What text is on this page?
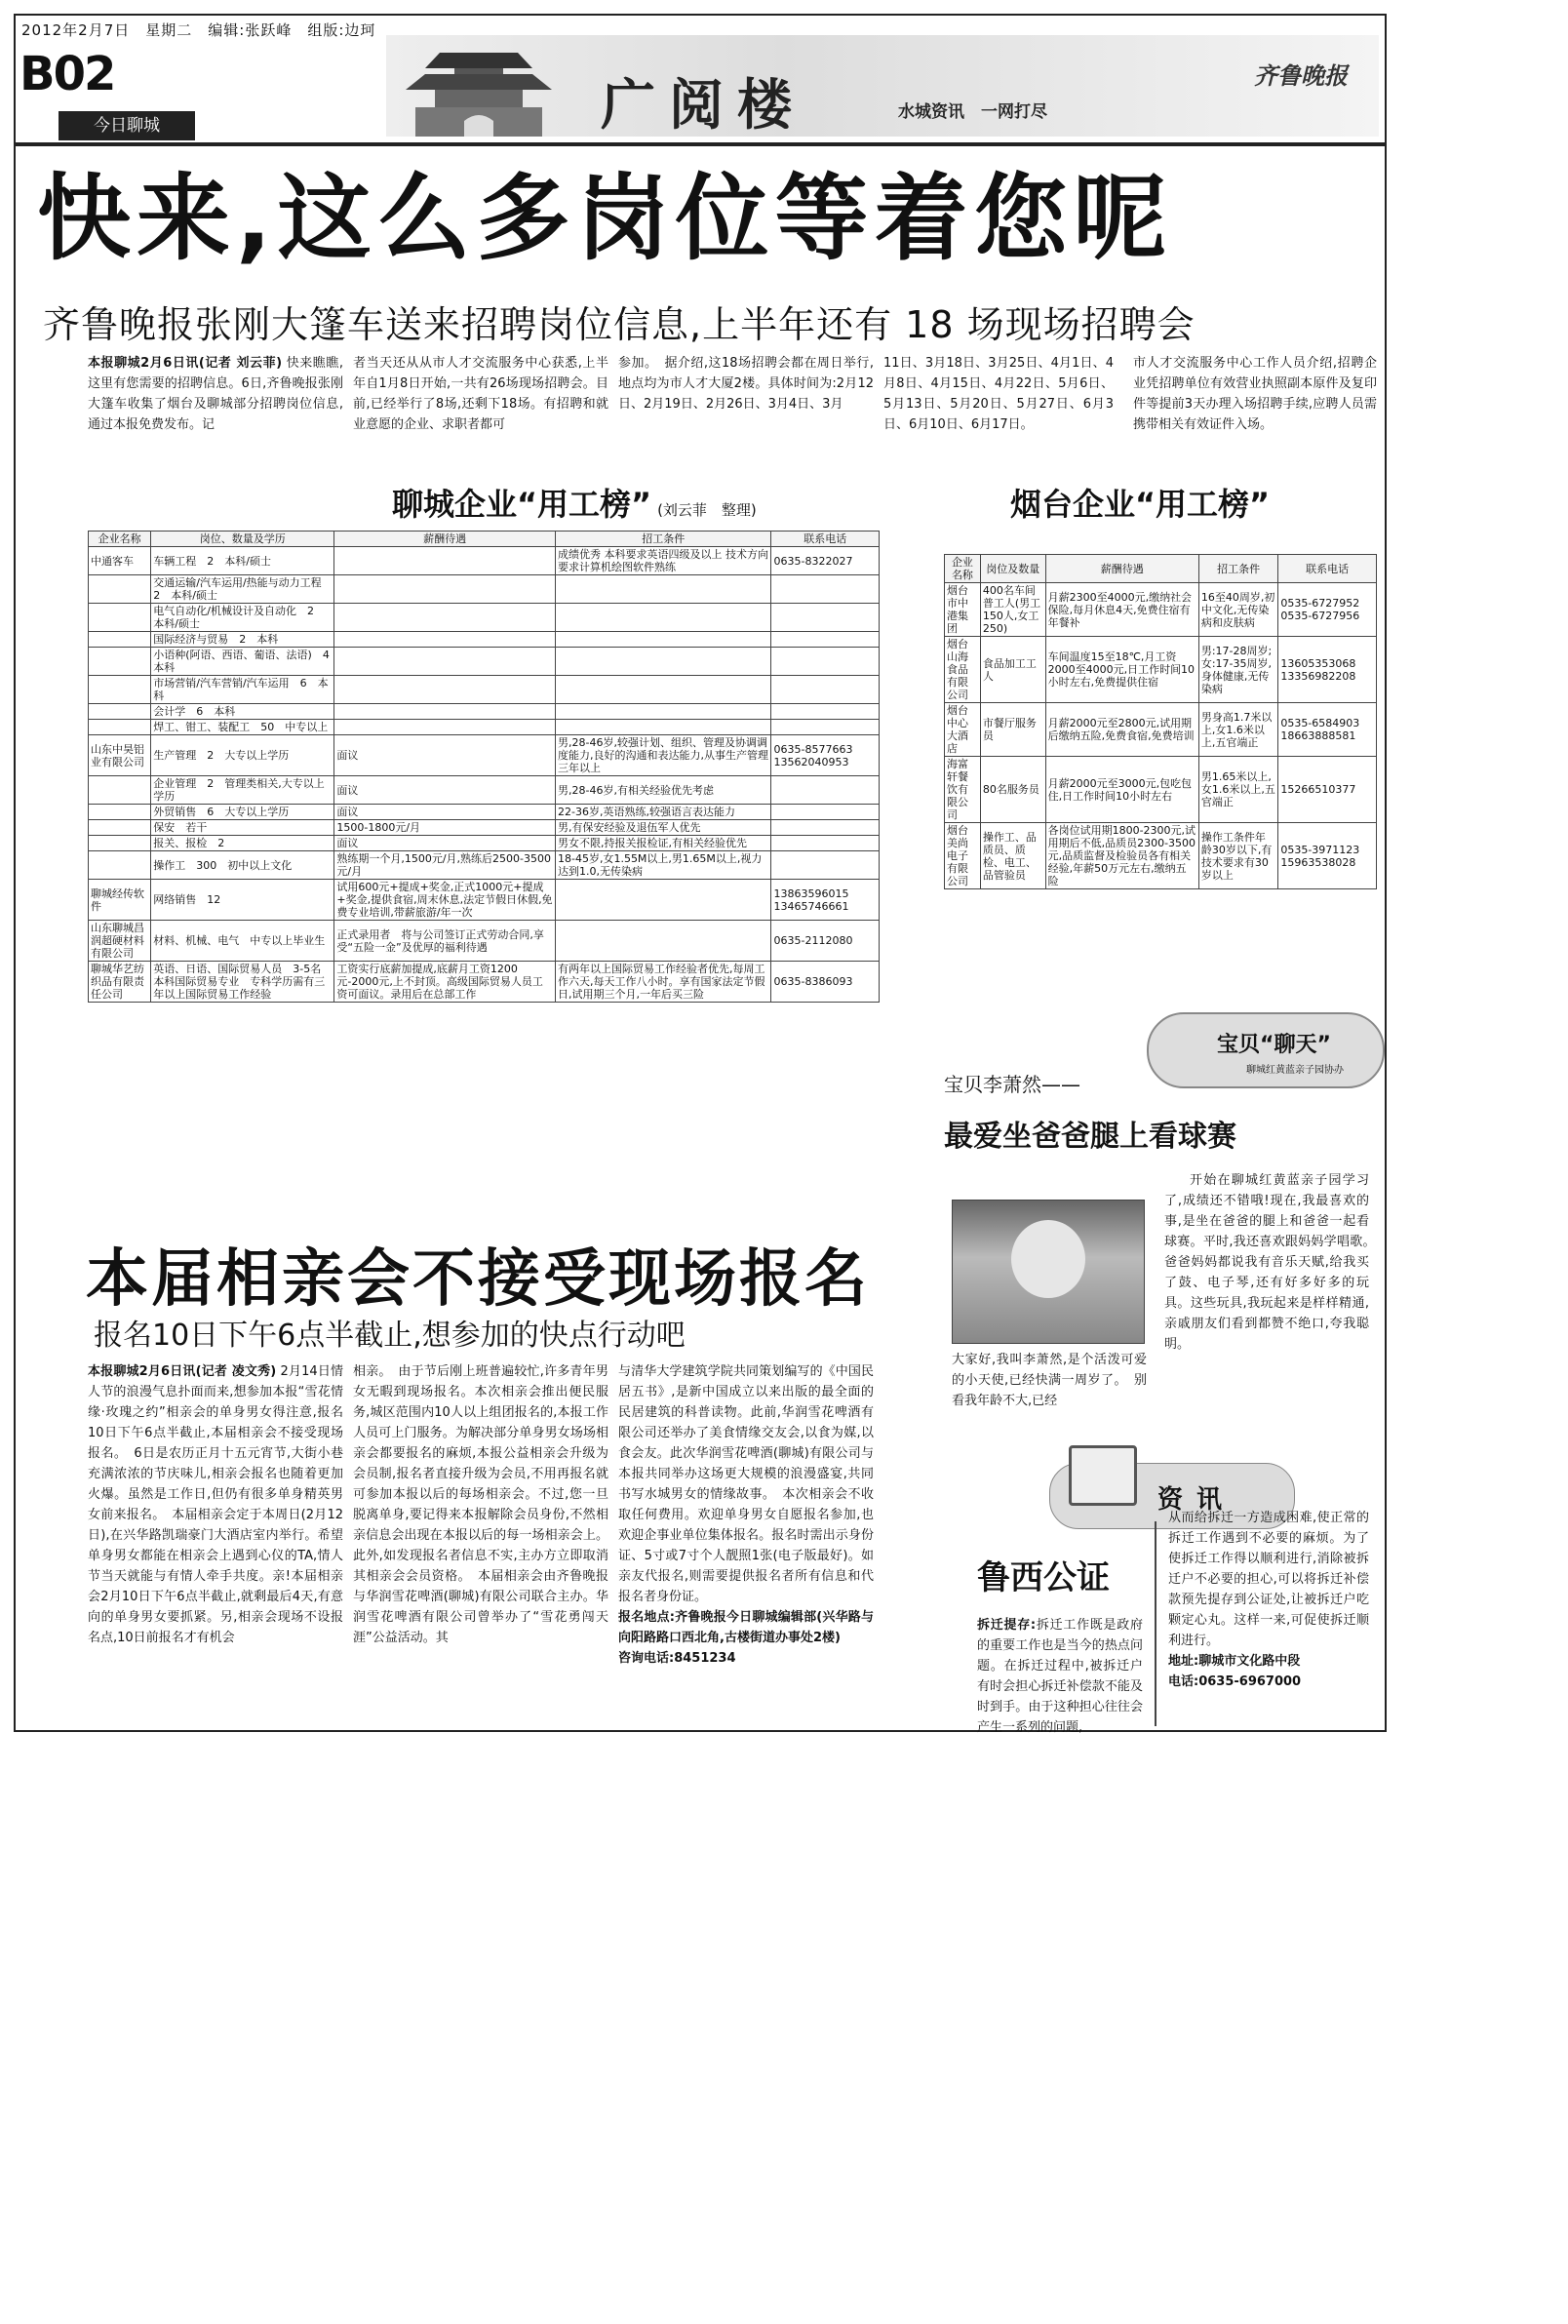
2012年2月7日　星期二　编辑:张跃峰　组版:边珂
B02
今日聊城	广阅楼	水城资讯　一网打尽
齐鲁晚报
快来,这么多岗位等着您呢
齐鲁晚报张刚大篷车送来招聘岗位信息,上半年还有 18 场现场招聘会
本报聊城2月6日讯(记者 刘云菲) 快来瞧瞧,这里有您需要的招聘信息。6日,齐鲁晚报张刚大篷车收集了烟台及聊城部分招聘岗位信息,通过本报免费发布。记
者当天还从从市人才交流服务中心获悉,上半年自1月8日开始,一共有26场现场招聘会。目前,已经举行了8场,还剩下18场。有招聘和就业意愿的企业、求职者都可
参加。　据介绍,这18场招聘会都在周日举行,地点均为市人才大厦2楼。具体时间为:2月12日、2月19日、2月26日、3月4日、3月
11日、3月18日、3月25日、4月1日、4月8日、4月15日、4月22日、5月6日、5月13日、5月20日、5月27日、6月3日、6月10日、6月17日。
市人才交流服务中心工作人员介绍,招聘企业凭招聘单位有效营业执照副本原件及复印件等提前3天办理入场招聘手续,应聘人员需携带相关有效证件入场。
聊城企业“用工榜” (刘云菲　整理)
企业名称	岗位、数量及学历	薪酬待遇	招工条件	联系电话
中通客车	车辆工程　2　本科/硕士		成绩优秀 本科要求英语四级及以上 技术方向要求计算机绘图软件熟练	0635-8322027
	交通运输/汽车运用/热能与动力工程　2　本科/硕士			
	电气自动化/机械设计及自动化　2　本科/硕士			
	国际经济与贸易　2　本科			
	小语种(阿语、西语、葡语、法语)　4　本科			
	市场营销/汽车营销/汽车运用　6　本科			
	会计学　6　本科			
	焊工、钳工、装配工　50　中专以上			
山东中昊铝业有限公司	生产管理　2　大专以上学历	面议	男,28-46岁,较强计划、组织、管理及协调调度能力,良好的沟通和表达能力,从事生产管理三年以上	0635-8577663 13562040953
	企业管理　2　管理类相关,大专以上学历	面议	男,28-46岁,有相关经验优先考虑	
	外贸销售　6　大专以上学历	面议	22-36岁,英语熟练,较强语言表达能力	
	保安　若干	1500-1800元/月	男,有保安经验及退伍军人优先	
	报关、报检　2	面议	男女不限,持报关报检证,有相关经验优先	
	操作工　300　初中以上文化	熟练期一个月,1500元/月,熟练后2500-3500元/月	18-45岁,女1.55M以上,男1.65M以上,视力达到1.0,无传染病	
聊城经传软件	网络销售　12	试用600元+提成+奖金,正式1000元+提成+奖金,提供食宿,周末休息,法定节假日休假,免费专业培训,带薪旅游/年一次		13863596015 13465746661
山东聊城昌润超硬材料有限公司	材料、机械、电气　中专以上毕业生	正式录用者　将与公司签订正式劳动合同,享受“五险一金”及优厚的福利待遇		0635-2112080
聊城华艺纺织品有限责任公司	英语、日语、国际贸易人员　3-5名　本科国际贸易专业　专科学历需有三年以上国际贸易工作经验	工资实行底薪加提成,底薪月工资1200元-2000元,上不封顶。高级国际贸易人员工资可面议。录用后在总部工作	有两年以上国际贸易工作经验者优先,每周工作六天,每天工作八小时。享有国家法定节假日,试用期三个月,一年后买三险	0635-8386093
烟台企业“用工榜”
企业名称	岗位及数量	薪酬待遇	招工条件	联系电话
烟台市中港集团	400名车间普工人(男工150人,女工250)	月薪2300至4000元,缴纳社会保险,每月休息4天,免费住宿有年餐补	16至40周岁,初中文化,无传染病和皮肤病	0535-6727952 0535-6727956
烟台山海食品有限公司	食品加工工人	车间温度15至18℃,月工资2000至4000元,日工作时间10小时左右,免费提供住宿	男:17-28周岁;女:17-35周岁,身体健康,无传染病	13605353068 13356982208
烟台中心大酒店	市餐厅服务员	月薪2000元至2800元,试用期后缴纳五险,免费食宿,免费培训	男身高1.7米以上,女1.6米以上,五官端正	0535-6584903 18663888581
海富轩餐饮有限公司	80名服务员	月薪2000元至3000元,包吃包住,日工作时间10小时左右	男1.65米以上,女1.6米以上,五官端正	15266510377
烟台美尚电子有限公司	操作工、品质员、质检、电工、品管验员	各岗位试用期1800-2300元,试用期后不低,品质员2300-3500元,品质监督及检验员各有相关经验,年薪50万元左右,缴纳五险	操作工条件年龄30岁以下,有技术要求有30岁以上	0535-3971123 15963538028
宝贝“聊天”
聊城红黄蓝亲子园协办
宝贝李萧然——
最爱坐爸爸腿上看球赛
大家好,我叫李萧然,是个活泼可爱的小天使,已经快满一周岁了。　别看我年龄不大,已经
开始在聊城红黄蓝亲子园学习了,成绩还不错哦!现在,我最喜欢的事,是坐在爸爸的腿上和爸爸一起看球赛。平时,我还喜欢跟妈妈学唱歌。　爸爸妈妈都说我有音乐天赋,给我买了鼓、电子琴,还有好多好多的玩具。这些玩具,我玩起来是样样精通,亲戚朋友们看到都赞不绝口,夸我聪明。
资讯
鲁西公证
拆迁提存:拆迁工作既是政府的重要工作也是当今的热点问题。在拆迁过程中,被拆迁户有时会担心拆迁补偿款不能及时到手。由于这种担心往往会产生一系列的问题,
从而给拆迁一方造成困难,使正常的拆迁工作遇到不必要的麻烦。为了使拆迁工作得以顺利进行,消除被拆迁户不必要的担心,可以将拆迁补偿款预先提存到公证处,让被拆迁户吃颗定心丸。这样一来,可促使拆迁顺利进行。
地址:聊城市文化路中段
电话:0635-6967000
本届相亲会不接受现场报名
报名10日下午6点半截止,想参加的快点行动吧
本报聊城2月6日讯(记者 凌文秀) 2月14日情人节的浪漫气息扑面而来,想参加本报“雪花情缘·玫瑰之约”相亲会的单身男女得注意,报名10日下午6点半截止,本届相亲会不接受现场报名。　6日是农历正月十五元宵节,大街小巷充满浓浓的节庆味儿,相亲会报名也随着更加火爆。虽然是工作日,但仍有很多单身精英男女前来报名。　本届相亲会定于本周日(2月12日),在兴华路凯瑞豪门大酒店室内举行。希望单身男女都能在相亲会上遇到心仪的TA,情人节当天就能与有情人牵手共度。亲!本届相亲会2月10日下午6点半截止,就剩最后4天,有意向的单身男女要抓紧。另,相亲会现场不设报名点,10日前报名才有机会
相亲。　由于节后刚上班普遍较忙,许多青年男女无暇到现场报名。本次相亲会推出便民服务,城区范围内10人以上组团报名的,本报工作人员可上门服务。为解决部分单身男女场场相亲会都要报名的麻烦,本报公益相亲会升级为会员制,报名者直接升级为会员,不用再报名就可参加本报以后的每场相亲会。不过,您一旦脱离单身,要记得来本报解除会员身份,不然相亲信息会出现在本报以后的每一场相亲会上。此外,如发现报名者信息不实,主办方立即取消其相亲会会员资格。　本届相亲会由齐鲁晚报与华润雪花啤酒(聊城)有限公司联合主办。华润雪花啤酒有限公司曾举办了“雪花勇闯天涯”公益活动。其
与清华大学建筑学院共同策划编写的《中国民居五书》,是新中国成立以来出版的最全面的民居建筑的科普读物。此前,华润雪花啤酒有限公司还举办了美食情缘交友会,以食为媒,以食会友。此次华润雪花啤酒(聊城)有限公司与本报共同举办这场更大规模的浪漫盛宴,共同书写水城男女的情缘故事。　本次相亲会不收取任何费用。欢迎单身男女自愿报名参加,也欢迎企事业单位集体报名。报名时需出示身份证、5寸或7寸个人靓照1张(电子版最好)。如亲友代报名,则需要提供报名者所有信息和代报名者身份证。
报名地点:齐鲁晚报今日聊城编辑部(兴华路与向阳路路口西北角,古楼街道办事处2楼)
咨询电话:8451234
